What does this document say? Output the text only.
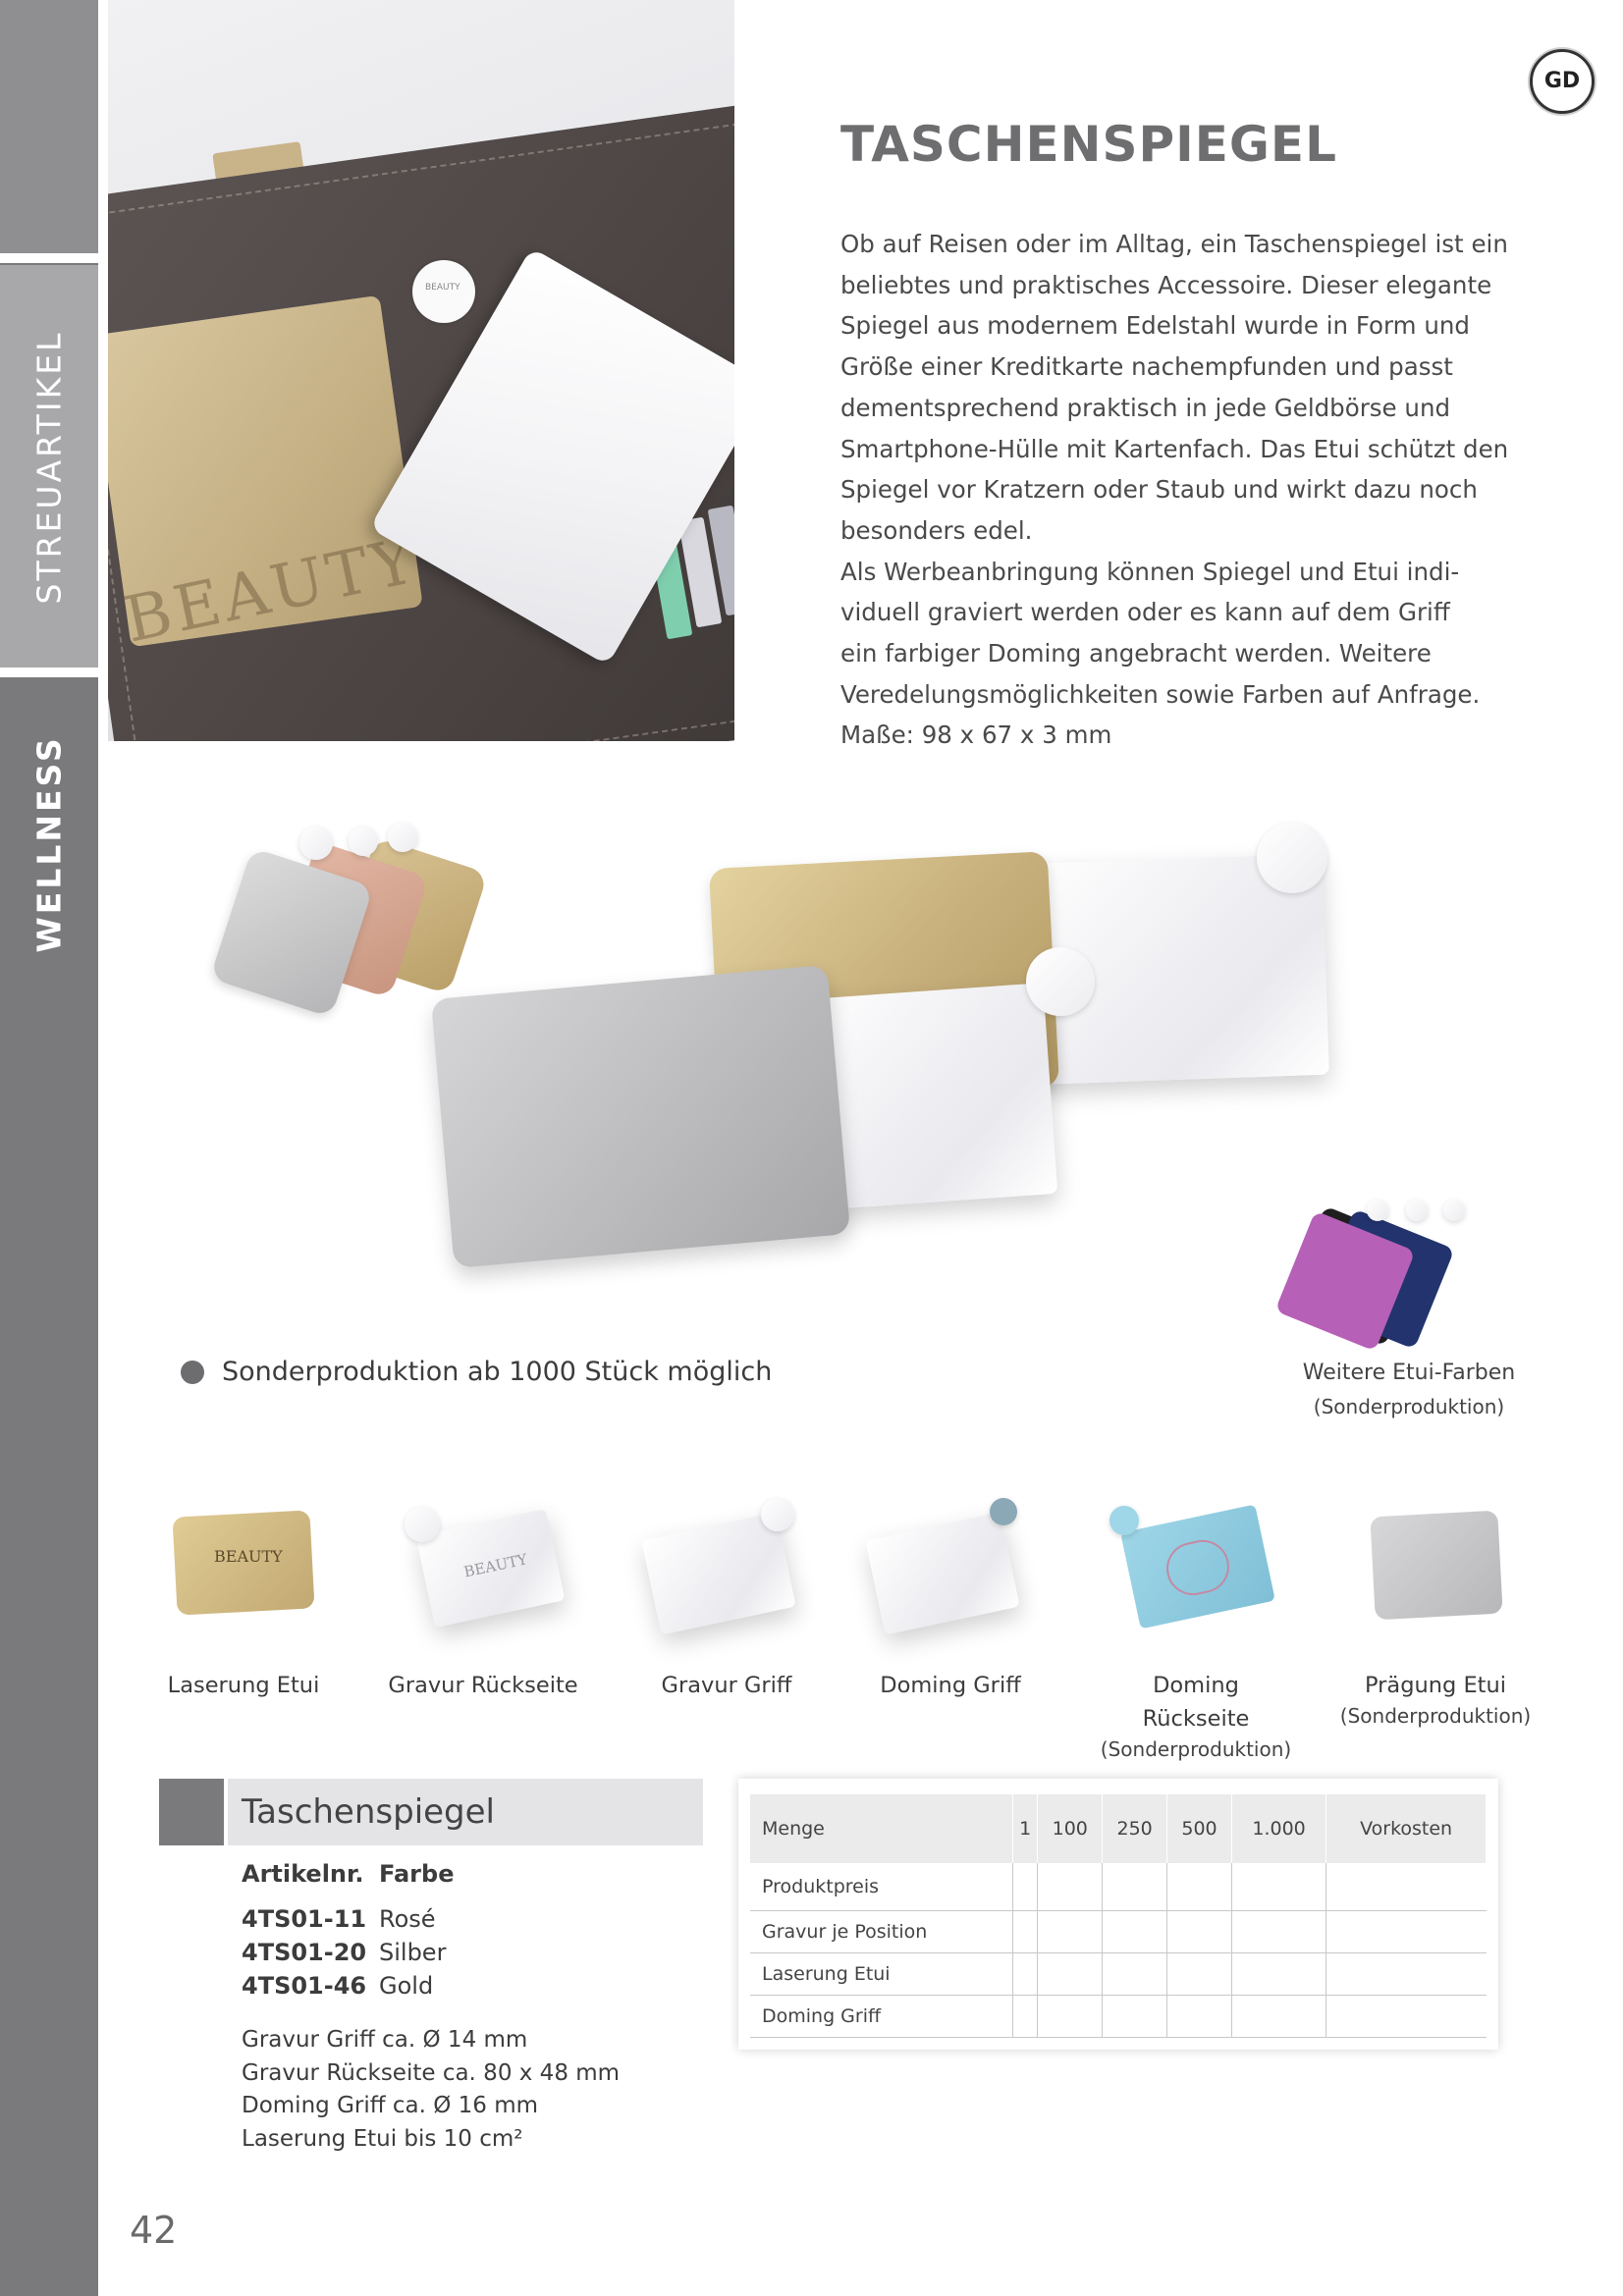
STREUARTIKEL
WELLNESS
42
BEAUTY
BEAUTY
GD
TASCHENSPIEGEL
Ob auf Reisen oder im Alltag, ein Taschenspiegel ist ein
beliebtes und praktisches Accessoire. Dieser elegante
Spiegel aus modernem Edelstahl wurde in Form und
Größe einer Kreditkarte nachempfunden und passt
dementsprechend praktisch in jede Geldbörse und
Smartphone-Hülle mit Kartenfach. Das Etui schützt den
Spiegel vor Kratzern oder Staub und wirkt dazu noch
besonders edel.
Als Werbeanbringung können Spiegel und Etui indi-
viduell graviert werden oder es kann auf dem Griff
ein farbiger Doming angebracht werden. Weitere
Veredelungsmöglichkeiten sowie Farben auf Anfrage.
Maße: 98 x 67 x 3 mm
Sonderproduktion ab 1000 Stück möglich	Weitere Etui-Farben
(Sonderproduktion)
BEAUTY
Laserung Etui
BEAUTY
Gravur Rückseite	Gravur Griff	Doming Griff	Doming Rückseite
(Sonderproduktion)
Prägung Etui
(Sonderproduktion)
Taschenspiegel
Artikelnr. Farbe
4TS01-11 Rosé
4TS01-20 Silber
4TS01-46 Gold
Gravur Griff ca. Ø 14 mm
Gravur Rückseite ca. 80 x 48 mm
Doming Griff ca. Ø 16 mm
Laserung Etui bis 10 cm²
Menge	1	100	250	500	1.000	Vorkosten
Produktpreis						
Gravur je Position						
Laserung Etui						
Doming Griff						
